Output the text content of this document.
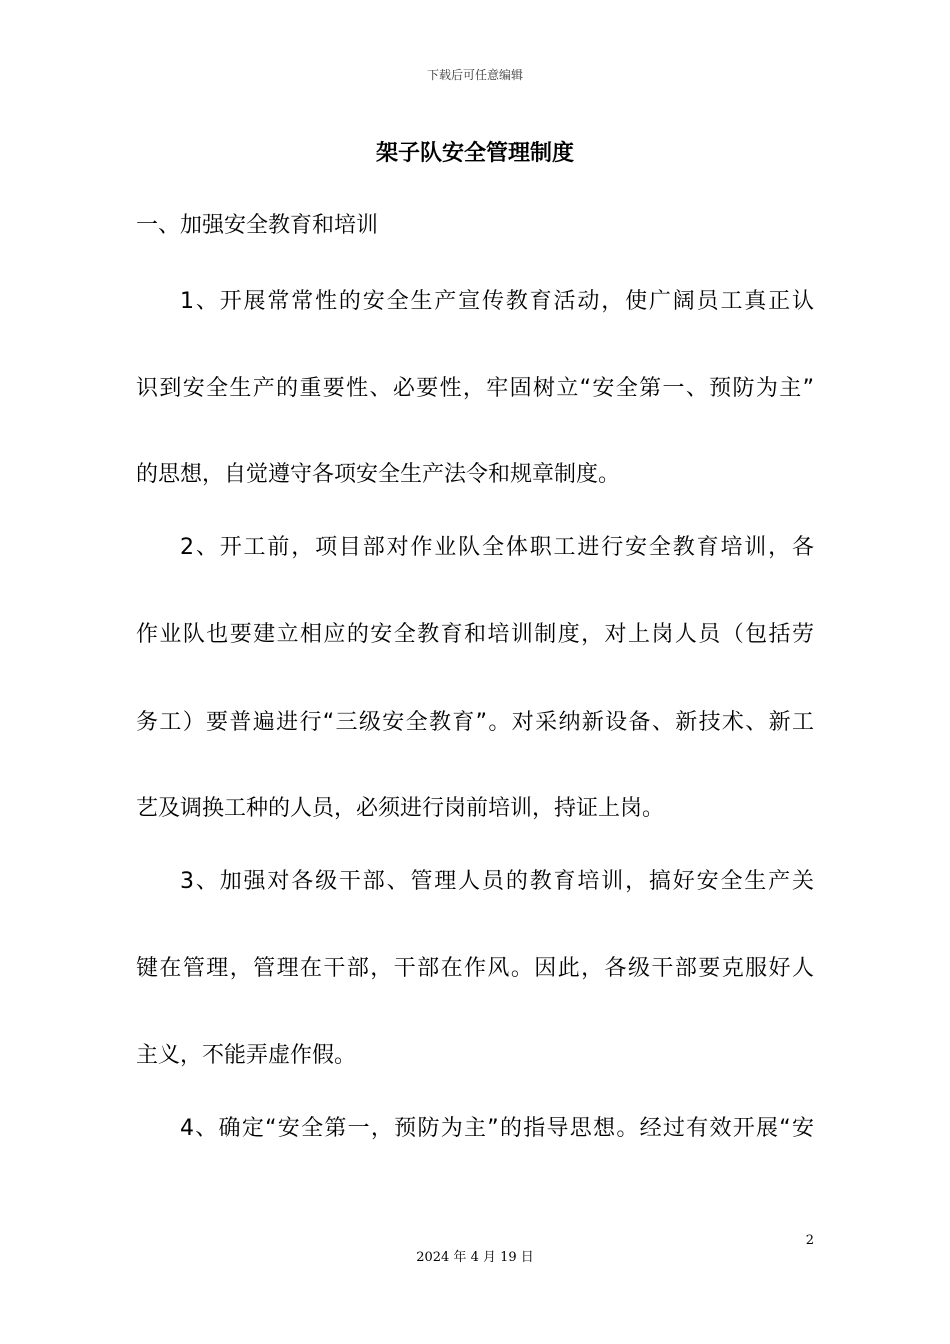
下载后可任意编辑
架子队安全管理制度
一、加强安全教育和培训
1、开展常常性的安全生产宣传教育活动，使广阔员工真正认
识到安全生产的重要性、必要性，牢固树立“安全第一、预防为主”
的思想，自觉遵守各项安全生产法令和规章制度。
2、开工前，项目部对作业队全体职工进行安全教育培训，各
作业队也要建立相应的安全教育和培训制度，对上岗人员（包括劳
务工）要普遍进行“三级安全教育”。对采纳新设备、新技术、新工
艺及调换工种的人员，必须进行岗前培训，持证上岗。
3、加强对各级干部、管理人员的教育培训，搞好安全生产关
键在管理，管理在干部，干部在作风。因此，各级干部要克服好人
主义，不能弄虚作假。
4、确定“安全第一，预防为主”的指导思想。经过有效开展“安
2
2024 年 4 月 19 日
